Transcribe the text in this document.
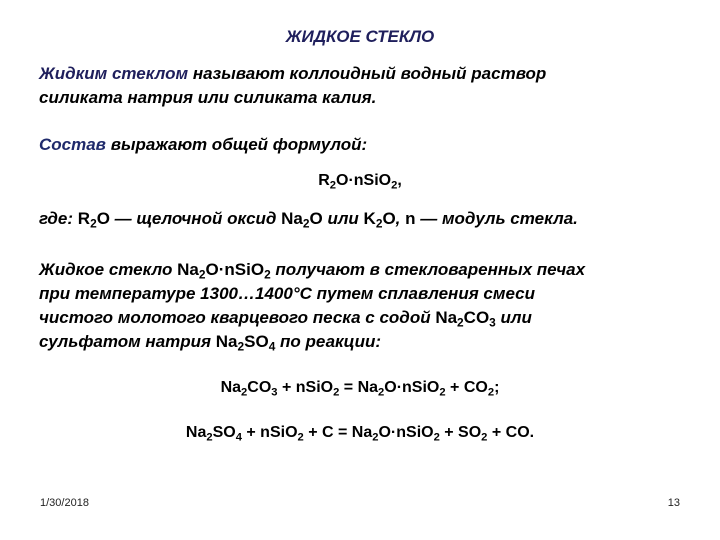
ЖИДКОЕ СТЕКЛО
Жидким стеклом называют коллоидный водный раствор
силиката натрия или силиката калия.
Состав выражают общей формулой:
$R_2O\cdot nSiO_2$,
где: $R_2O$ — щелочной оксид $Na_2O$ или $K_2O$, n — модуль стекла.
Жидкое стекло $Na_2O\cdot nSiO_2$ получают в стекловаренных печах
при температуре 1300…1400°С путем сплавления смеси
чистого молотого кварцевого песка с содой $Na_2CO_3$ или
сульфатом натрия $Na_2SO_4$ по реакции:
$Na_2CO_3$ + nSiO$_2$ = $Na_2O\cdot nSiO_2 + CO_2$;
$Na_2SO_4$ + nSiO$_2$ + $C = Na_2O\cdot nSiO_2 + SO_2$ + CO.
1/30/2018	13
